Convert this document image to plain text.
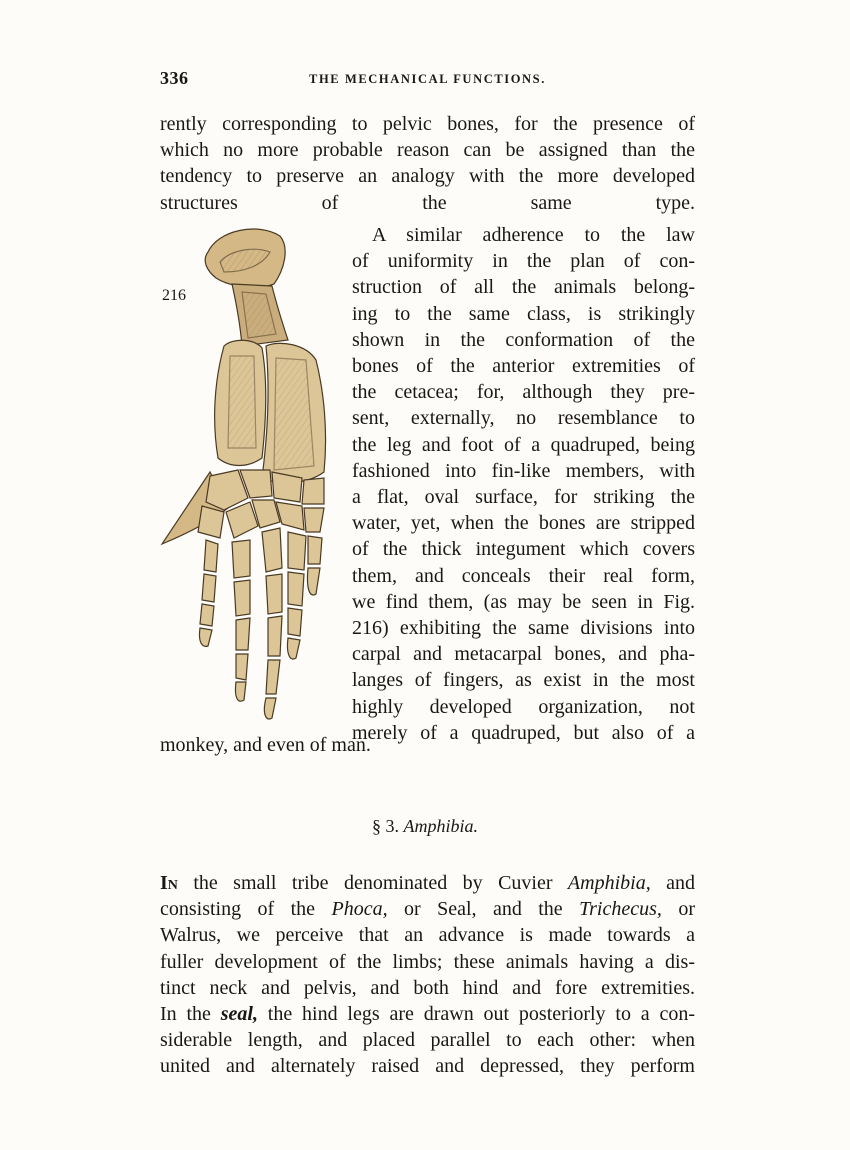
336	THE MECHANICAL FUNCTIONS.
rently corresponding to pelvic bones, for the presence of
which no more probable reason can be assigned than the
tendency to preserve an analogy with the more developed
structures of the same type.
216
A similar adherence to the law
of uniformity in the plan of con-
struction of all the animals belong-
ing to the same class, is strikingly
shown in the conformation of the
bones of the anterior extremities of
the cetacea; for, although they pre-
sent, externally, no resemblance to
the leg and foot of a quadruped, being
fashioned into fin-like members, with
a flat, oval surface, for striking the
water, yet, when the bones are stripped
of the thick integument which covers
them, and conceals their real form,
we find them, (as may be seen in Fig.
216) exhibiting the same divisions into
carpal and metacarpal bones, and pha-
langes of fingers, as exist in the most
highly developed organization, not
merely of a quadruped, but also of a
monkey, and even of man.
§ 3. Amphibia.
In the small tribe denominated by Cuvier Amphibia, and
consisting of the Phoca, or Seal, and the Trichecus, or
Walrus, we perceive that an advance is made towards a
fuller development of the limbs; these animals having a dis-
tinct neck and pelvis, and both hind and fore extremities.
In the seal, the hind legs are drawn out posteriorly to a con-
siderable length, and placed parallel to each other: when
united and alternately raised and depressed, they perform
